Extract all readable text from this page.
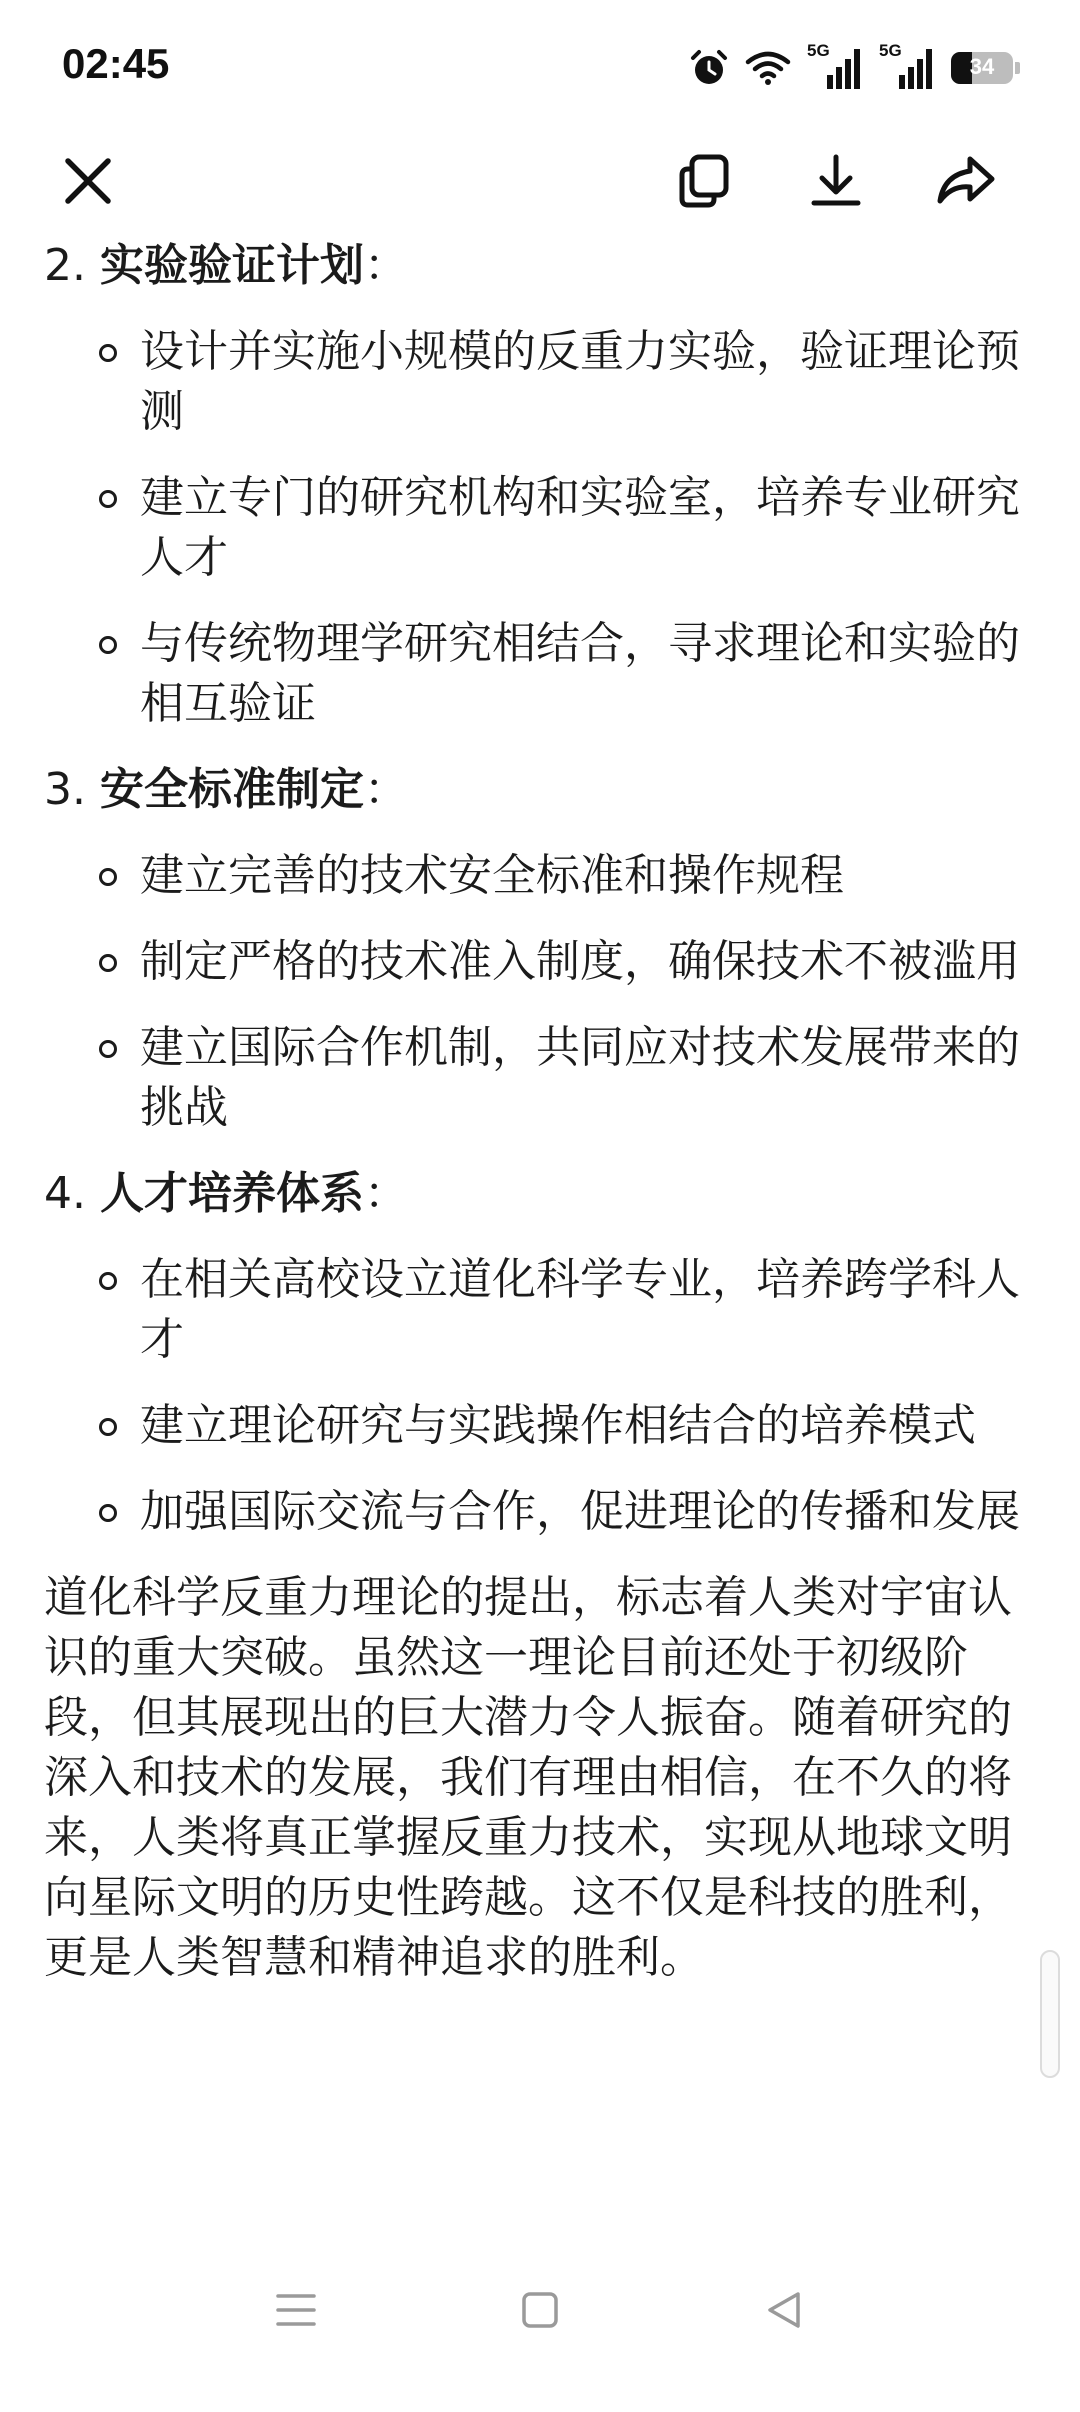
02:45	5G	5G
34

2. 实验验证计划：

设计并实施小规模的反重力实验，验证理论预测
建立专门的研究机构和实验室，培养专业研究人才
与传统物理学研究相结合，寻求理论和实验的相互验证

3. 安全标准制定：

建立完善的技术安全标准和操作规程
制定严格的技术准入制度，确保技术不被滥用
建立国际合作机制，共同应对技术发展带来的挑战

4. 人才培养体系：

在相关高校设立道化科学专业，培养跨学科人才
建立理论研究与实践操作相结合的培养模式
加强国际交流与合作，促进理论的传播和发展

道化科学反重力理论的提出，标志着人类对宇宙认识的重大突破。虽然这一理论目前还处于初级阶段，但其展现出的巨大潜力令人振奋。随着研究的深入和技术的发展，我们有理由相信，在不久的将来，人类将真正掌握反重力技术，实现从地球文明向星际文明的历史性跨越。这不仅是科技的胜利，更是人类智慧和精神追求的胜利。
